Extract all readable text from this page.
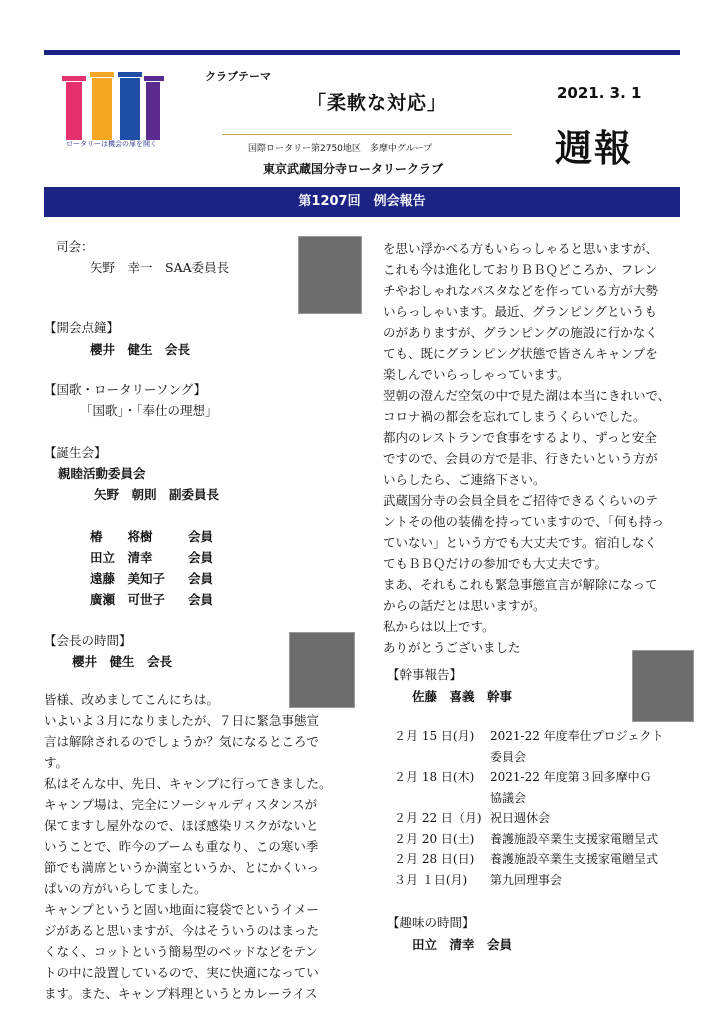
ロータリーは機会の扉を開く
クラブテーマ
「柔軟な対応」	2021. 3. 1
週報
国際ロータリー第2750地区　多摩中グループ
東京武蔵国分寺ロータリークラブ
第1207回　例会報告
司会：
矢野　幸一　SAA委員長
【開会点鐘】
櫻井　健生　会長
【国歌・ロータリーソング】
「国歌」・「奉仕の理想」
【誕生会】
親睦活動委員会
矢野　朝則　副委員長
椿　　将樹	会員
田立　清幸	会員
遠藤　美知子 会員
廣瀬　可世子 会員
【会長の時間】
櫻井　健生　会長
皆様、改めましてこんにちは。
いよいよ３月になりましたが、７日に緊急事態宣
言は解除されるのでしょうか？気になるところで
す。
私はそんな中、先日、キャンプに行ってきました。
キャンプ場は、完全にソーシャルディスタンスが
保てますし屋外なので、ほぼ感染リスクがないと
いうことで、昨今のブームも重なり、この寒い季
節でも満席というか満室というか、とにかくいっ
ぱいの方がいらしてました。
キャンプというと固い地面に寝袋でというイメー
ジがあると思いますが、今はそういうのはまった
くなく、コットという簡易型のベッドなどをテン
トの中に設置しているので、実に快適になってい
ます。また、キャンプ料理というとカレーライス
を思い浮かべる方もいらっしゃると思いますが、
これも今は進化しておりＢＢＱどころか、フレン
チやおしゃれなパスタなどを作っている方が大勢
いらっしゃいます。最近、グランピングというも
のがありますが、グランピングの施設に行かなく
ても、既にグランピング状態で皆さんキャンプを
楽しんでいらっしゃっています。
翌朝の澄んだ空気の中で見た湖は本当にきれいで、
コロナ禍の都会を忘れてしまうくらいでした。
都内のレストランで食事をするより、ずっと安全
ですので、会員の方で是非、行きたいという方が
いらしたら、ご連絡下さい。
武蔵国分寺の会員全員をご招待できるくらいのテ
ントその他の装備を持っていますので、「何も持っ
ていない」という方でも大丈夫です。宿泊しなく
てもＢＢＱだけの参加でも大丈夫です。
まあ、それもこれも緊急事態宣言が解除になって
からの話だとは思いますが。
私からは以上です。
ありがとうございました
【幹事報告】
佐藤　喜義　幹事
２月 15 日(月) 2021-22 年度奉仕プロジェクト
委員会
２月 18 日(木) 2021-22 年度第３回多摩中Ｇ
協議会
２月 22 日（月) 祝日週休会
２月 20 日(土) 養護施設卒業生支援家電贈呈式
２月 28 日(日) 養護施設卒業生支援家電贈呈式
３月 １日(月) 第九回理事会
【趣味の時間】
田立　清幸　会員
